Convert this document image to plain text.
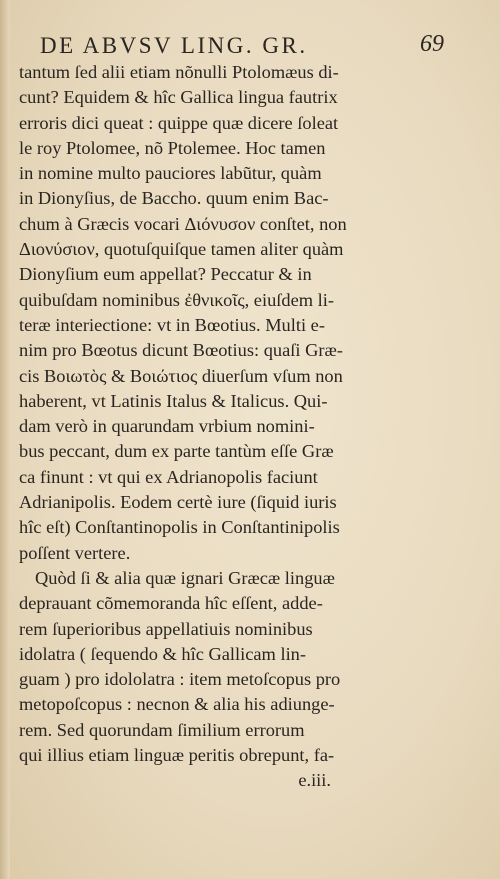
DE ABVSV LING. GR.	69
tantum ſed alii etiam nõnulli Ptolomæus di-
cunt? Equidem & hîc Gallica lingua fautrix
erroris dici queat : quippe quæ dicere ſoleat
le roy Ptolomee, nõ Ptolemee. Hoc tamen
in nomine multo pauciores labũtur, quàm
in Dionyſius, de Baccho. quum enim Bac-
chum à Græcis vocari Διόνυσον conſtet, non
Διονύσιον, quotuſquiſque tamen aliter quàm
Dionyſium eum appellat? Peccatur & in
quibuſdam nominibus ἐθνικοῖς, eiuſdem li-
teræ interiectione: vt in Bœotius. Multi e-
nim pro Bœotus dicunt Bœotius: quaſi Græ-
cis Βοιωτὸς & Βοιώτιος diuerſum vſum non
haberent, vt Latinis Italus & Italicus. Qui-
dam verò in quarundam vrbium nomini-
bus peccant, dum ex parte tantùm eſſe Græ
ca finunt : vt qui ex Adrianopolis faciunt
Adrianipolis. Eodem certè iure (ſiquid iuris
hîc eſt) Conſtantinopolis in Conſtantinipolis
poſſent vertere.
Quòd ſi & alia quæ ignari Græcæ linguæ
deprauant cõmemoranda hîc eſſent, adde-
rem ſuperioribus appellatiuis nominibus
idolatra ( ſequendo & hîc Gallicam lin-
guam ) pro idololatra : item metoſcopus pro
metopoſcopus : necnon & alia his adiunge-
rem. Sed quorundam ſimilium errorum
qui illius etiam linguæ peritis obrepunt, fa-
e.iii.
